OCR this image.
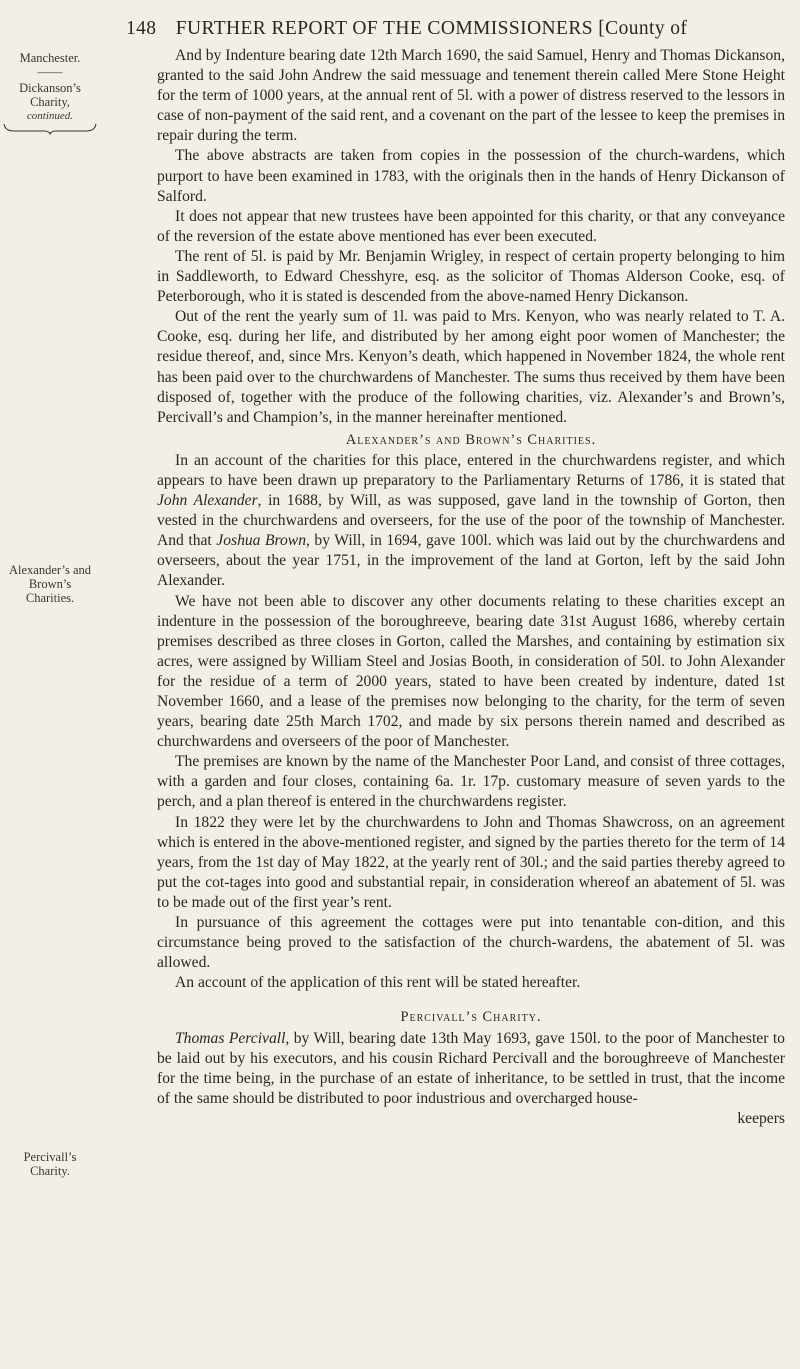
148 FURTHER REPORT OF THE COMMISSIONERS [County of
Manchester.
——
Dickanson’s
Charity,
continued.
Alexander’s and
Brown’s Charities.
Percivall’s Charity.

And by Indenture bearing date 12th March 1690, the said Samuel, Henry and Thomas Dickanson, granted to the said John Andrew the said messuage and tenement therein called Mere Stone Height for the term of 1000 years, at the annual rent of 5l. with a power of distress reserved to the lessors in case of non-payment of the said rent, and a covenant on the part of the lessee to keep the premises in repair during the term.

The above abstracts are taken from copies in the possession of the church-wardens, which purport to have been examined in 1783, with the originals then in the hands of Henry Dickanson of Salford.

It does not appear that new trustees have been appointed for this charity, or that any conveyance of the reversion of the estate above mentioned has ever been executed.

The rent of 5l. is paid by Mr. Benjamin Wrigley, in respect of certain property belonging to him in Saddleworth, to Edward Chesshyre, esq. as the solicitor of Thomas Alderson Cooke, esq. of Peterborough, who it is stated is descended from the above-named Henry Dickanson.

Out of the rent the yearly sum of 1l. was paid to Mrs. Kenyon, who was nearly related to T. A. Cooke, esq. during her life, and distributed by her among eight poor women of Manchester; the residue thereof, and, since Mrs. Kenyon’s death, which happened in November 1824, the whole rent has been paid over to the churchwardens of Manchester. The sums thus received by them have been disposed of, together with the produce of the following charities, viz. Alexander’s and Brown’s, Percivall’s and Champion’s, in the manner hereinafter mentioned.

Alexander’s and Brown’s Charities.

In an account of the charities for this place, entered in the churchwardens register, and which appears to have been drawn up preparatory to the Parliamentary Returns of 1786, it is stated that John Alexander, in 1688, by Will, as was supposed, gave land in the township of Gorton, then vested in the churchwardens and overseers, for the use of the poor of the township of Manchester. And that Joshua Brown, by Will, in 1694, gave 100l. which was laid out by the churchwardens and overseers, about the year 1751, in the improvement of the land at Gorton, left by the said John Alexander.

We have not been able to discover any other documents relating to these charities except an indenture in the possession of the boroughreeve, bearing date 31st August 1686, whereby certain premises described as three closes in Gorton, called the Marshes, and containing by estimation six acres, were assigned by William Steel and Josias Booth, in consideration of 50l. to John Alexander for the residue of a term of 2000 years, stated to have been created by indenture, dated 1st November 1660, and a lease of the premises now belonging to the charity, for the term of seven years, bearing date 25th March 1702, and made by six persons therein named and described as churchwardens and overseers of the poor of Manchester.

The premises are known by the name of the Manchester Poor Land, and consist of three cottages, with a garden and four closes, containing 6a. 1r. 17p. customary measure of seven yards to the perch, and a plan thereof is entered in the churchwardens register.

In 1822 they were let by the churchwardens to John and Thomas Shawcross, on an agreement which is entered in the above-mentioned register, and signed by the parties thereto for the term of 14 years, from the 1st day of May 1822, at the yearly rent of 30l.; and the said parties thereby agreed to put the cot-tages into good and substantial repair, in consideration whereof an abatement of 5l. was to be made out of the first year’s rent.

In pursuance of this agreement the cottages were put into tenantable con-dition, and this circumstance being proved to the satisfaction of the church-wardens, the abatement of 5l. was allowed.

An account of the application of this rent will be stated hereafter.

Percivall’s Charity.

Thomas Percivall, by Will, bearing date 13th May 1693, gave 150l. to the poor of Manchester to be laid out by his executors, and his cousin Richard Percivall and the boroughreeve of Manchester for the time being, in the purchase of an estate of inheritance, to be settled in trust, that the income of the same should be distributed to poor industrious and overcharged house-

keepers
